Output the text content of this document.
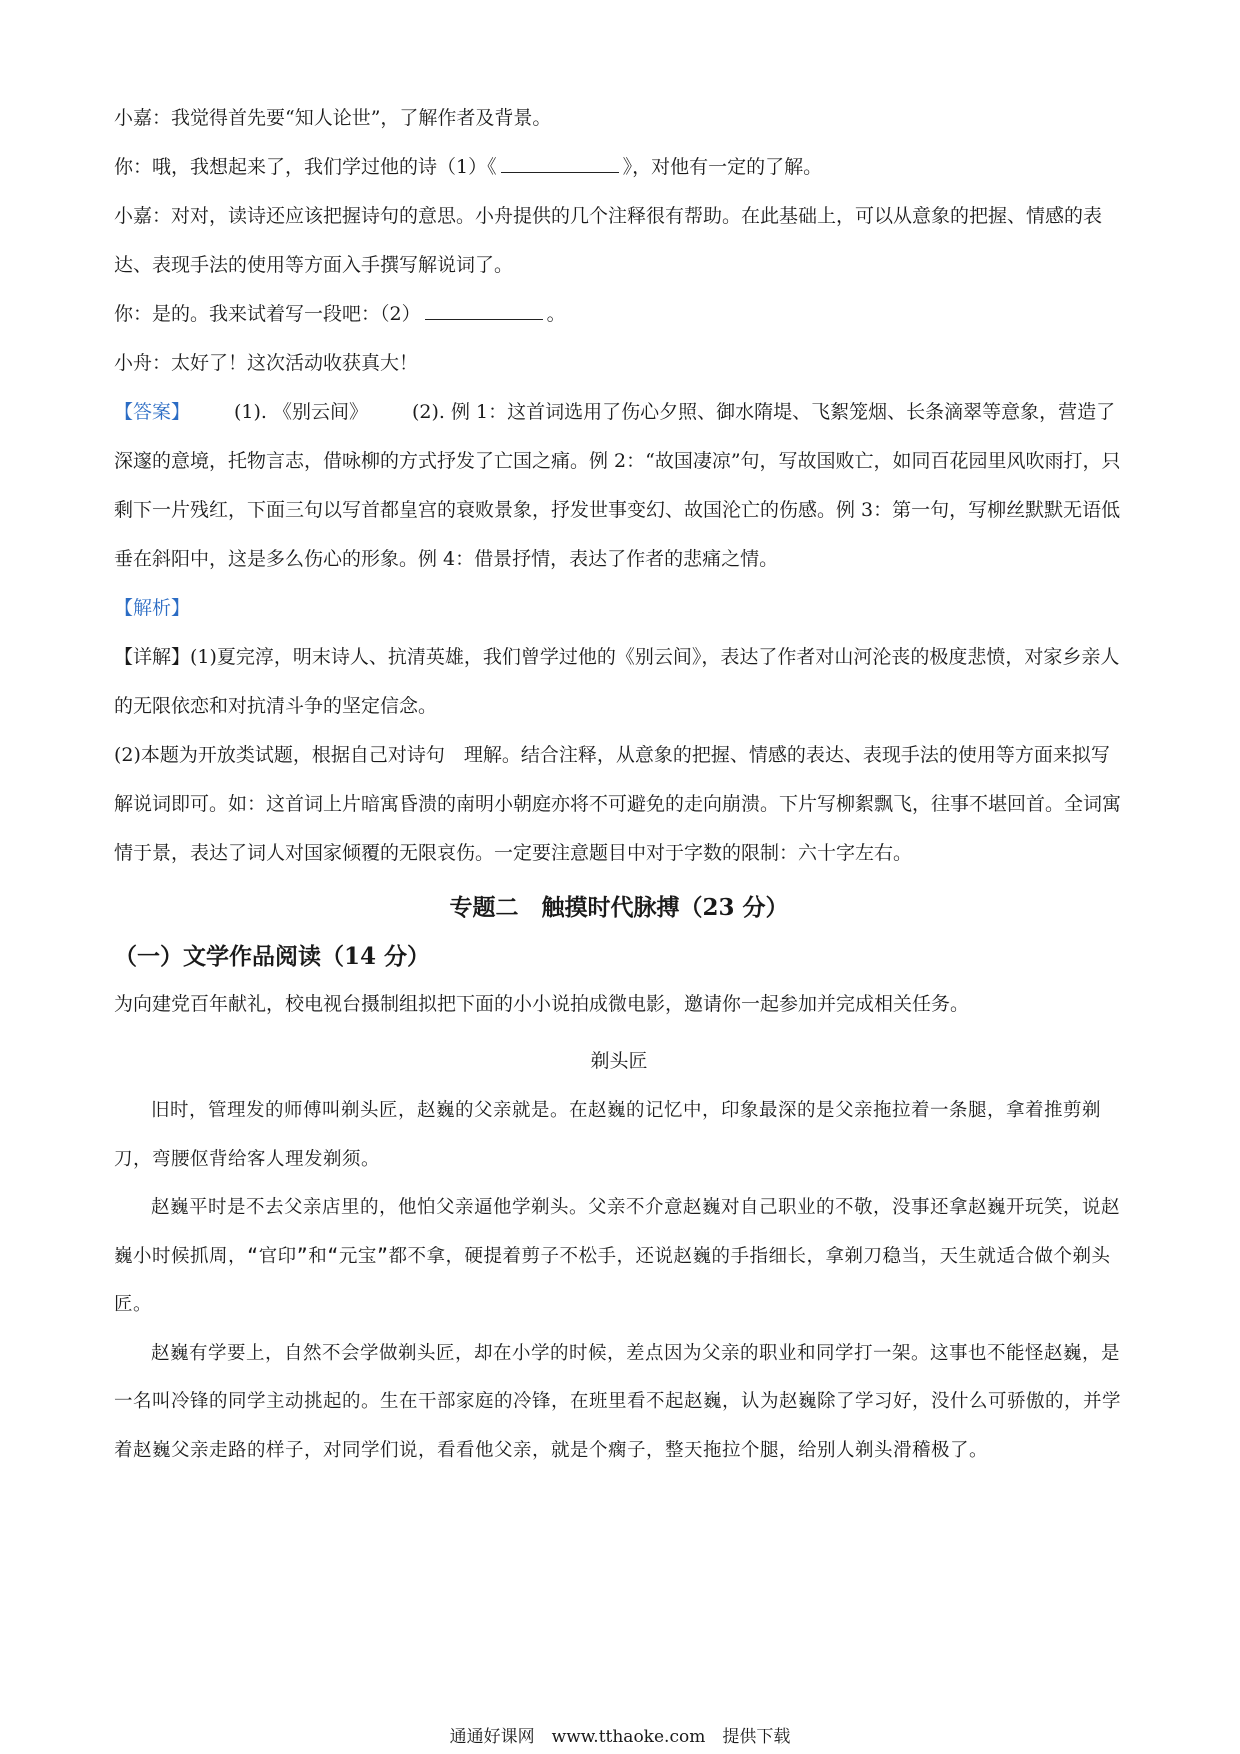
小嘉：我觉得首先要“知人论世”，了解作者及背景。
你：哦，我想起来了，我们学过他的诗（1）《	》，对他有一定的了解。

小嘉：对对，读诗还应该把握诗句的意思。小舟提供的几个注释很有帮助。在此基础上，可以从意象的把握、情感的表达、表现手法的使用等方面入手撰写解说词了。

你：是的。我来试着写一段吧：（2）	。
小舟：太好了！这次活动收获真大！

【答案】 (1). 《别云间》 (2). 例 1：这首词选用了伤心夕照、御水隋堤、飞絮笼烟、长条滴翠等意象，营造了深邃的意境，托物言志，借咏柳的方式抒发了亡国之痛。例 2：“故国凄凉”句，写故国败亡，如同百花园里风吹雨打，只剩下一片残红，下面三句以写首都皇宫的衰败景象，抒发世事变幻、故国沦亡的伤感。例 3：第一句，写柳丝默默无语低垂在斜阳中，这是多么伤心的形象。例 4：借景抒情，表达了作者的悲痛之情。

【解析】

【详解】(1)夏完淳，明末诗人、抗清英雄，我们曾学过他的《别云间》，表达了作者对山河沦丧的极度悲愤，对家乡亲人的无限依恋和对抗清斗争的坚定信念。

(2)本题为开放类试题，根据自己对诗句　理解。结合注释，从意象的把握、情感的表达、表现手法的使用等方面来拟写解说词即可。如：这首词上片暗寓昏溃的南明小朝庭亦将不可避免的走向崩溃。下片写柳絮飘飞，往事不堪回首。全词寓情于景，表达了词人对国家倾覆的无限哀伤。一定要注意题目中对于字数的限制：六十字左右。

专题二　触摸时代脉搏（23 分）
（一）文学作品阅读（14 分）
为向建党百年献礼，校电视台摄制组拟把下面的小小说拍成微电影，邀请你一起参加并完成相关任务。
剃头匠

旧时，管理发的师傅叫剃头匠，赵巍的父亲就是。在赵巍的记忆中，印象最深的是父亲拖拉着一条腿，拿着推剪剃刀，弯腰伛背给客人理发剃须。

赵巍平时是不去父亲店里的，他怕父亲逼他学剃头。父亲不介意赵巍对自己职业的不敬，没事还拿赵巍开玩笑，说赵巍小时候抓周，“官印”和“元宝”都不拿，硬提着剪子不松手，还说赵巍的手指细长，拿剃刀稳当，天生就适合做个剃头匠。

赵巍有学要上，自然不会学做剃头匠，却在小学的时候，差点因为父亲的职业和同学打一架。这事也不能怪赵巍，是一名叫冷锋的同学主动挑起的。生在干部家庭的冷锋，在班里看不起赵巍，认为赵巍除了学习好，没什么可骄傲的，并学着赵巍父亲走路的样子，对同学们说，看看他父亲，就是个瘸子，整天拖拉个腿，给别人剃头滑稽极了。

通通好课网　www.tthaoke.com　提供下载
